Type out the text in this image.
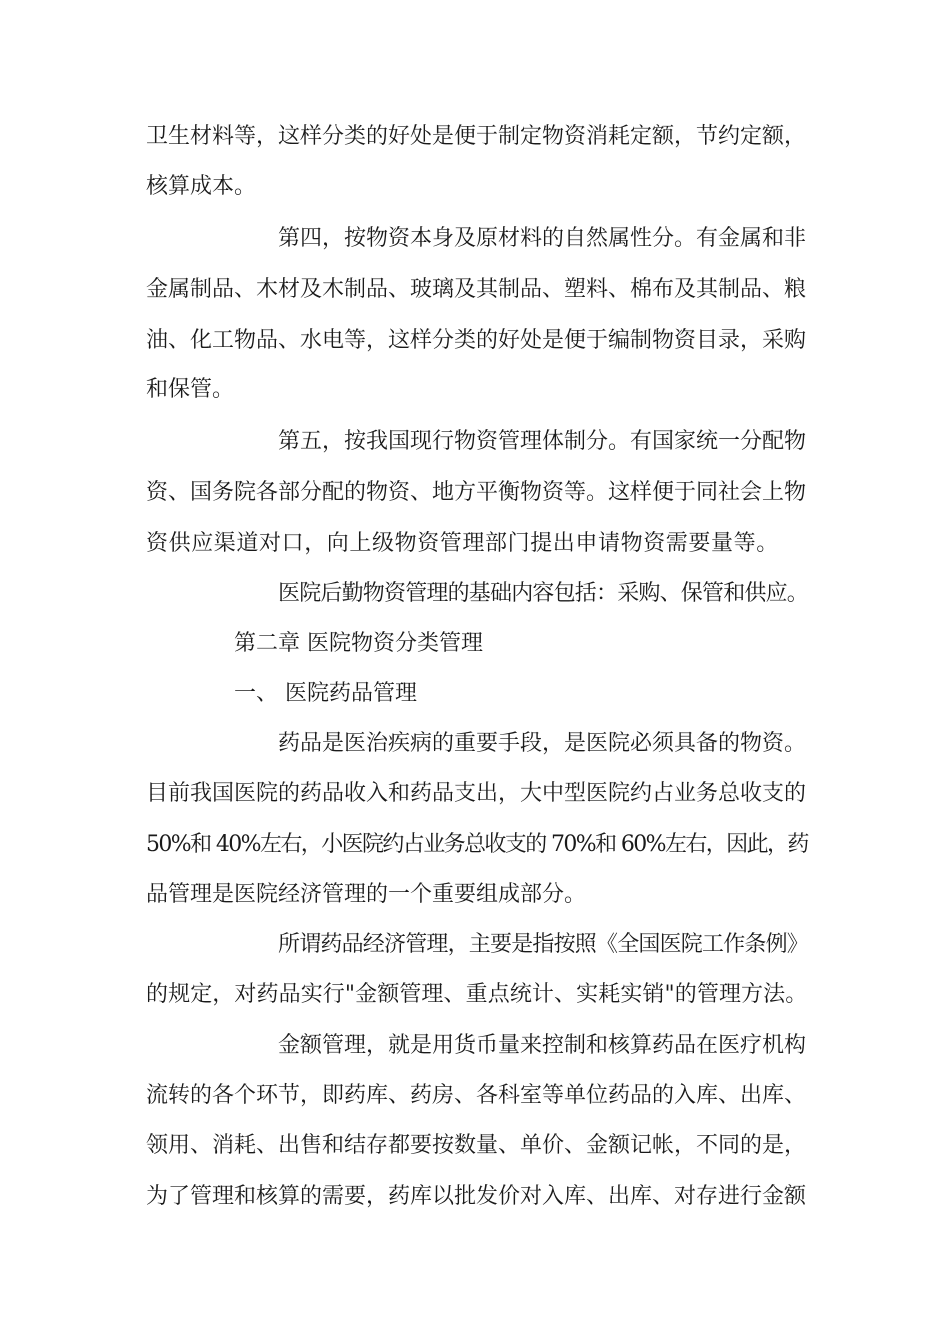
卫生材料等，这样分类的好处是便于制定物资消耗定额，节约定额，
核算成本。
第四，按物资本身及原材料的自然属性分。有金属和非
金属制品、木材及木制品、玻璃及其制品、塑料、棉布及其制品、粮
油、化工物品、水电等，这样分类的好处是便于编制物资目录，采购
和保管。
第五，按我国现行物资管理体制分。有国家统一分配物
资、国务院各部分配的物资、地方平衡物资等。这样便于同社会上物
资供应渠道对口，向上级物资管理部门提出申请物资需要量等。
医院后勤物资管理的基础内容包括：采购、保管和供应。
第二章 医院物资分类管理
一、 医院药品管理
药品是医治疾病的重要手段，是医院必须具备的物资。
目前我国医院的药品收入和药品支出，大中型医院约占业务总收支的
50%和 40%左右，小医院约占业务总收支的 70%和 60%左右，因此，药
品管理是医院经济管理的一个重要组成部分。
所谓药品经济管理，主要是指按照《全国医院工作条例》
的规定，对药品实行"金额管理、重点统计、实耗实销"的管理方法。
金额管理，就是用货币量来控制和核算药品在医疗机构
流转的各个环节，即药库、药房、各科室等单位药品的入库、出库、
领用、消耗、出售和结存都要按数量、单价、金额记帐，不同的是，
为了管理和核算的需要，药库以批发价对入库、出库、对存进行金额
